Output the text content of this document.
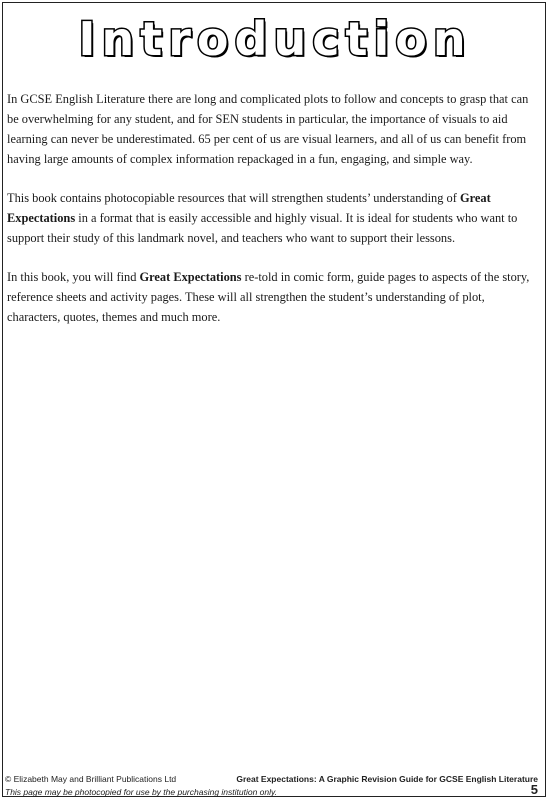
Introduction

In GCSE English Literature there are long and complicated plots to follow and concepts to grasp that can be overwhelming for any student, and for SEN students in particular, the importance of visuals to aid learning can never be underestimated. 65 per cent of us are visual learners, and all of us can benefit from having large amounts of complex information repackaged in a fun, engaging, and simple way.

This book contains photocopiable resources that will strengthen students’ understanding of Great Expectations in a format that is easily accessible and highly visual. It is ideal for students who want to support their study of this landmark novel, and teachers who want to support their lessons.

In this book, you will find Great Expectations re-told in comic form, guide pages to aspects of the story, reference sheets and activity pages. These will all strengthen the student’s understanding of plot, characters, quotes, themes and much more.

© Elizabeth May and Brilliant Publications Ltd	Great Expectations: A Graphic Revision Guide for GCSE English Literature
This page may be photocopied for use by the purchasing institution only.	5
